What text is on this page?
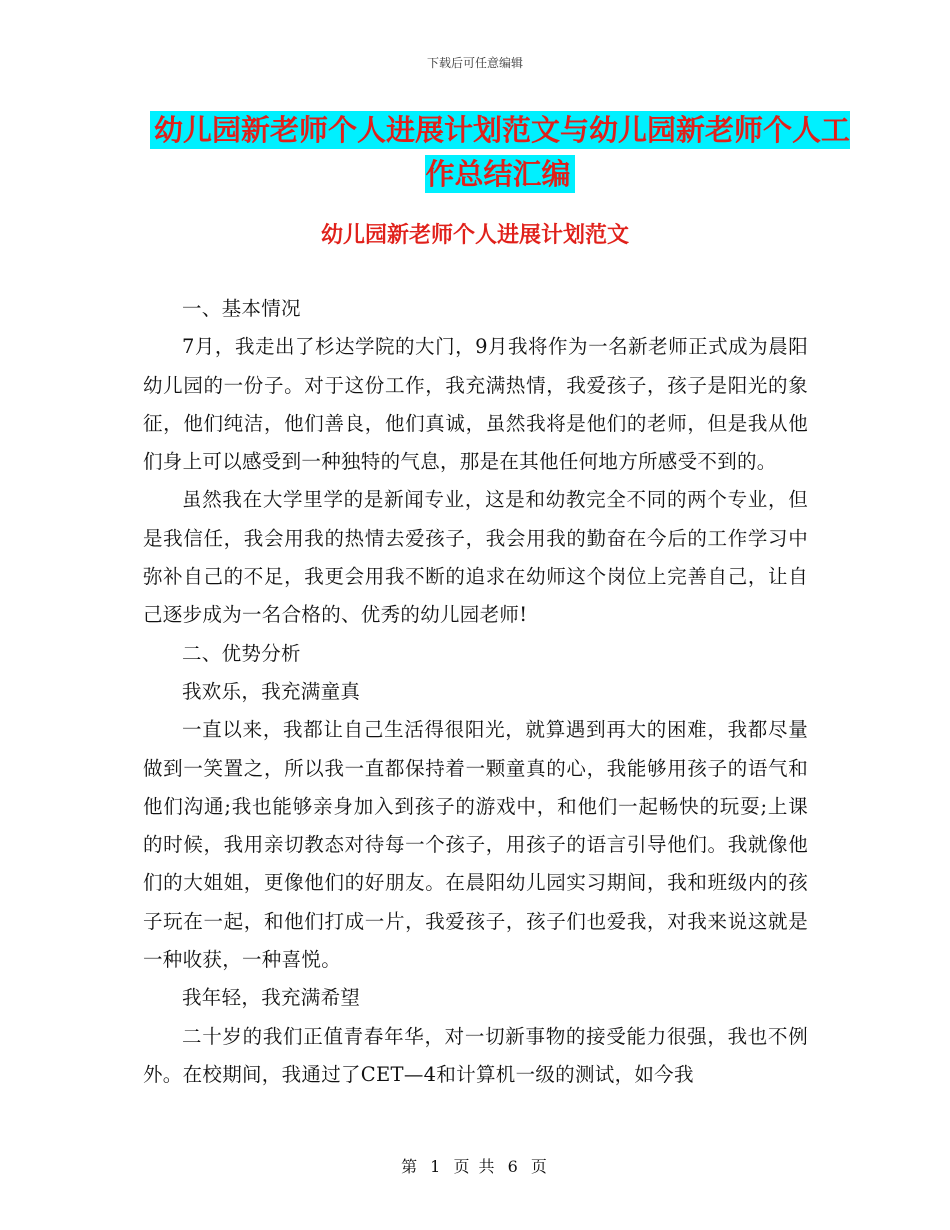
下载后可任意编辑
幼儿园新老师个人进展计划范文与幼儿园新老师个人工作总结汇编
幼儿园新老师个人进展计划范文

一、基本情况

7月，我走出了杉达学院的大门，9月我将作为一名新老师正式成为晨阳幼儿园的一份子。对于这份工作，我充满热情，我爱孩子，孩子是阳光的象征，他们纯洁，他们善良，他们真诚，虽然我将是他们的老师，但是我从他们身上可以感受到一种独特的气息，那是在其他任何地方所感受不到的。

虽然我在大学里学的是新闻专业，这是和幼教完全不同的两个专业，但是我信任，我会用我的热情去爱孩子，我会用我的勤奋在今后的工作学习中弥补自己的不足，我更会用我不断的追求在幼师这个岗位上完善自己，让自己逐步成为一名合格的、优秀的幼儿园老师!

二、优势分析

我欢乐，我充满童真

一直以来，我都让自己生活得很阳光，就算遇到再大的困难，我都尽量做到一笑置之，所以我一直都保持着一颗童真的心，我能够用孩子的语气和他们沟通;我也能够亲身加入到孩子的游戏中，和他们一起畅快的玩耍;上课的时候，我用亲切教态对待每一个孩子，用孩子的语言引导他们。我就像他们的大姐姐，更像他们的好朋友。在晨阳幼儿园实习期间，我和班级内的孩子玩在一起，和他们打成一片，我爱孩子，孩子们也爱我，对我来说这就是一种收获，一种喜悦。

我年轻，我充满希望

二十岁的我们正值青春年华，对一切新事物的接受能力很强，我也不例外。在校期间，我通过了CET—4和计算机一级的测试，如今我

第 1 页 共 6 页
